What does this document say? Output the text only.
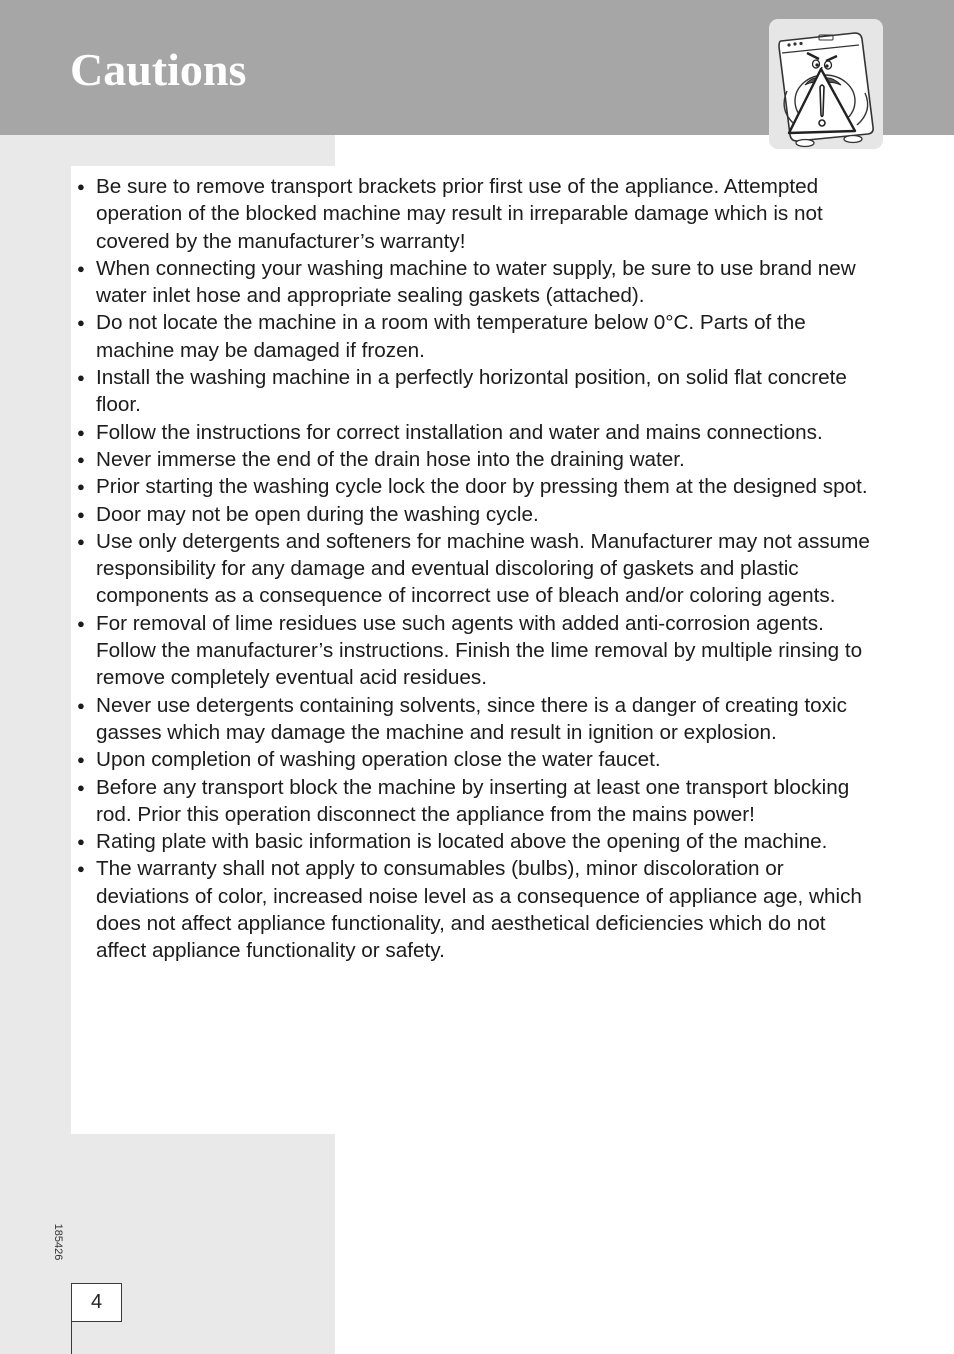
Cautions
● Be sure to remove transport brackets prior first use of the appliance. Attempted operation of the blocked machine may result in irreparable damage which is not covered by the manufacturer’s warranty!
● When connecting your washing machine to water supply, be sure to use brand new water inlet hose and appropriate sealing gaskets (attached).
● Do not locate the machine in a room with temperature below 0°C. Parts of the machine may be damaged if frozen.
● Install the washing machine in a perfectly horizontal position, on solid flat concrete floor.
● Follow the instructions for correct installation and water and mains connections.
● Never immerse the end of the drain hose into the draining water.
● Prior starting the washing cycle lock the door by pressing them at the designed spot.
● Door may not be open during the washing cycle.
● Use only detergents and softeners for machine wash. Manufacturer may not assume responsibility for any damage and eventual discoloring of gaskets and plastic components as a consequence of incorrect use of bleach and/or coloring agents.
● For removal of lime residues use such agents with added anti-corrosion agents. Follow the manufacturer’s instructions. Finish the lime removal by multiple rinsing to remove completely eventual acid residues.
● Never use detergents containing solvents, since there is a danger of creating toxic gasses which may damage the machine and result in ignition or explosion.
● Upon completion of washing operation close the water faucet.
● Before any transport block the machine by inserting at least one transport blocking rod. Prior this operation disconnect the appliance from the mains power!
● Rating plate with basic information is located above the opening of the machine.
● The warranty shall not apply to consumables (bulbs), minor discoloration or deviations of color, increased noise level as a consequence of appliance age, which does not affect appliance functionality, and aesthetical deficiencies which do not affect appliance functionality or safety.
185426
4
